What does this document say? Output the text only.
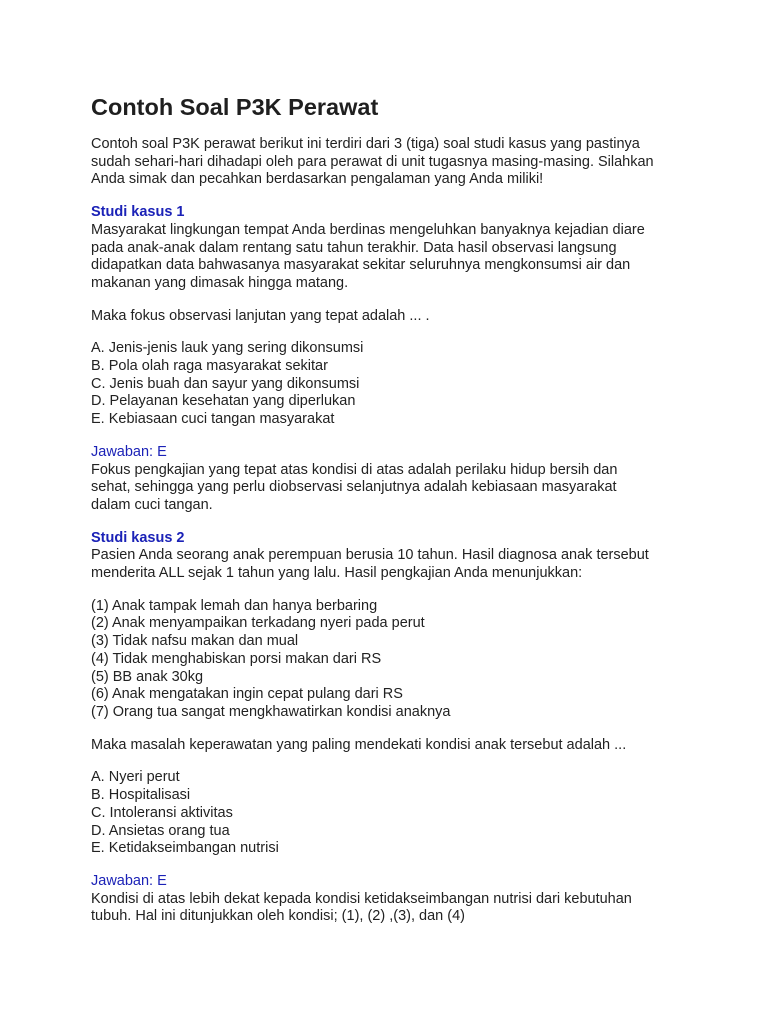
Contoh Soal P3K Perawat

Contoh soal P3K perawat berikut ini terdiri dari 3 (tiga) soal studi kasus yang pastinya
sudah sehari-hari dihadapi oleh para perawat di unit tugasnya masing-masing. Silahkan
Anda simak dan pecahkan berdasarkan pengalaman yang Anda miliki!

Studi kasus 1
Masyarakat lingkungan tempat Anda berdinas mengeluhkan banyaknya kejadian diare
pada anak-anak dalam rentang satu tahun terakhir. Data hasil observasi langsung
didapatkan data bahwasanya masyarakat sekitar seluruhnya mengkonsumsi air dan
makanan yang dimasak hingga matang.

Maka fokus observasi lanjutan yang tepat adalah ... .

A. Jenis-jenis lauk yang sering dikonsumsi
B. Pola olah raga masyarakat sekitar
C. Jenis buah dan sayur yang dikonsumsi
D. Pelayanan kesehatan yang diperlukan
E. Kebiasaan cuci tangan masyarakat

Jawaban: E
Fokus pengkajian yang tepat atas kondisi di atas adalah perilaku hidup bersih dan
sehat, sehingga yang perlu diobservasi selanjutnya adalah kebiasaan masyarakat
dalam cuci tangan.

Studi kasus 2
Pasien Anda seorang anak perempuan berusia 10 tahun. Hasil diagnosa anak tersebut
menderita ALL sejak 1 tahun yang lalu. Hasil pengkajian Anda menunjukkan:

(1) Anak tampak lemah dan hanya berbaring
(2) Anak menyampaikan terkadang nyeri pada perut
(3) Tidak nafsu makan dan mual
(4) Tidak menghabiskan porsi makan dari RS
(5) BB anak 30kg
(6) Anak mengatakan ingin cepat pulang dari RS
(7) Orang tua sangat mengkhawatirkan kondisi anaknya

Maka masalah keperawatan yang paling mendekati kondisi anak tersebut adalah ...

A. Nyeri perut
B. Hospitalisasi
C. Intoleransi aktivitas
D. Ansietas orang tua
E. Ketidakseimbangan nutrisi

Jawaban: E
Kondisi di atas lebih dekat kepada kondisi ketidakseimbangan nutrisi dari kebutuhan
tubuh. Hal ini ditunjukkan oleh kondisi; (1), (2) ,(3), dan (4)
